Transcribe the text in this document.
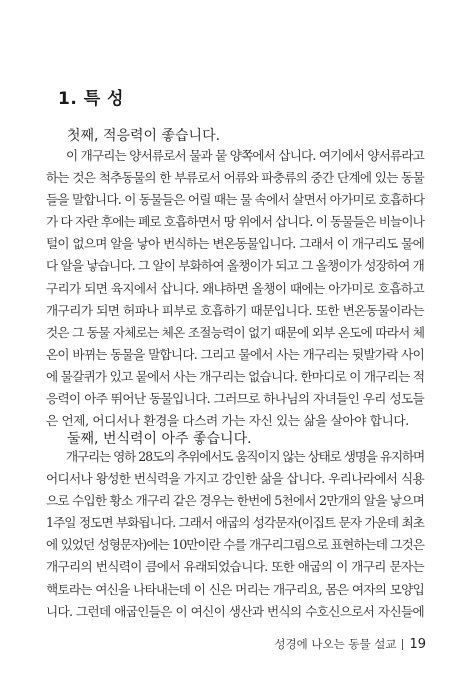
1. 특 성

첫째, 적응력이 좋습니다.

이 개구리는 양서류로서 물과 뭍 양쪽에서 삽니다. 여기에서 양서류라고
하는 것은 척추동물의 한 부류로서 어류와 파충류의 중간 단계에 있는 동물
들을 말합니다. 이 동물들은 어릴 때는 물 속에서 살면서 아가미로 호흡하다
가 다 자란 후에는 폐로 호흡하면서 땅 위에서 삽니다. 이 동물들은 비늘이나
털이 없으며 알을 낳아 번식하는 변온동물입니다. 그래서 이 개구리도 물에
다 알을 낳습니다. 그 알이 부화하여 올챙이가 되고 그 올챙이가 성장하여 개
구리가 되면 육지에서 삽니다. 왜냐하면 올챙이 때에는 아가미로 호흡하고
개구리가 되면 허파나 피부로 호흡하기 때문입니다. 또한 변온동물이라는
것은 그 동물 자체로는 체온 조절능력이 없기 때문에 외부 온도에 따라서 체
온이 바뀌는 동물을 말합니다. 그리고 물에서 사는 개구리는 뒷발가락 사이
에 물갈퀴가 있고 뭍에서 사는 개구리는 없습니다. 한마디로 이 개구리는 적
응력이 아주 뛰어난 동물입니다. 그러므로 하나님의 자녀들인 우리 성도들
은 언제, 어디서나 환경을 다스려 가는 자신 있는 삶을 살아야 합니다.

둘째, 번식력이 아주 좋습니다.

개구리는 영하 28도의 추위에서도 움직이지 않는 상태로 생명을 유지하며
어디서나 왕성한 번식력을 가지고 강인한 삶을 삽니다. 우리나라에서 식용
으로 수입한 황소 개구리 같은 경우는 한번에 5천에서 2만개의 알을 낳으며
1주일 정도면 부화됩니다. 그래서 애굽의 성각문자(이집트 문자 가운데 최초
에 있었던 성형문자)에는 10만이란 수를 개구리그림으로 표현하는데 그것은
개구리의 번식력이 큼에서 유래되었습니다. 또한 애굽의 이 개구리 문자는
핵토라는 여신을 나타내는데 이 신은 머리는 개구리요, 몸은 여자의 모양입
니다. 그런데 애굽인들은 이 여신이 생산과 번식의 수호신으로서 자신들에
성경에 나오는 동물 설교 19
